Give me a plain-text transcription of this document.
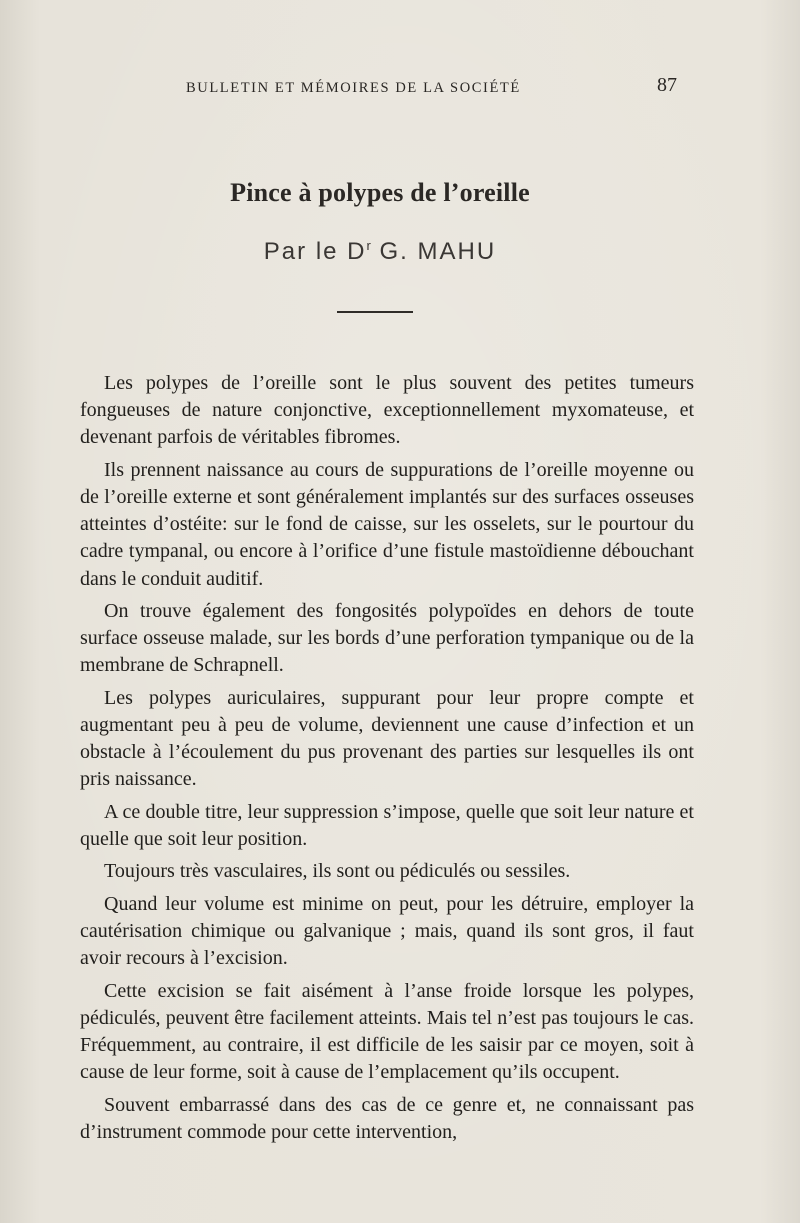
BULLETIN ET MÉMOIRES DE LA SOCIÉTÉ	87
Pince à polypes de l’oreille
Par le $D^r$ G. MAHU

Les polypes de l’oreille sont le plus souvent des petites tumeurs fongueuses de nature conjonctive, exceptionnellement myxomateuse, et devenant parfois de véritables fibromes.

Ils prennent naissance au cours de suppurations de l’oreille moyenne ou de l’oreille externe et sont généralement implantés sur des surfaces osseuses atteintes d’ostéite: sur le fond de caisse, sur les osselets, sur le pourtour du cadre tympanal, ou encore à l’orifice d’une fistule mastoïdienne débouchant dans le conduit auditif.

On trouve également des fongosités polypoïdes en dehors de toute surface osseuse malade, sur les bords d’une perforation tympanique ou de la membrane de Schrapnell.

Les polypes auriculaires, suppurant pour leur propre compte et augmentant peu à peu de volume, deviennent une cause d’infection et un obstacle à l’écoulement du pus provenant des parties sur lesquelles ils ont pris naissance.

A ce double titre, leur suppression s’impose, quelle que soit leur nature et quelle que soit leur position.

Toujours très vasculaires, ils sont ou pédiculés ou sessiles.

Quand leur volume est minime on peut, pour les détruire, employer la cautérisation chimique ou galvanique ; mais, quand ils sont gros, il faut avoir recours à l’excision.

Cette excision se fait aisément à l’anse froide lorsque les polypes, pédiculés, peuvent être facilement atteints. Mais tel n’est pas toujours le cas. Fréquemment, au contraire, il est difficile de les saisir par ce moyen, soit à cause de leur forme, soit à cause de l’emplacement qu’ils occupent.

Souvent embarrassé dans des cas de ce genre et, ne connaissant pas d’instrument commode pour cette intervention,
